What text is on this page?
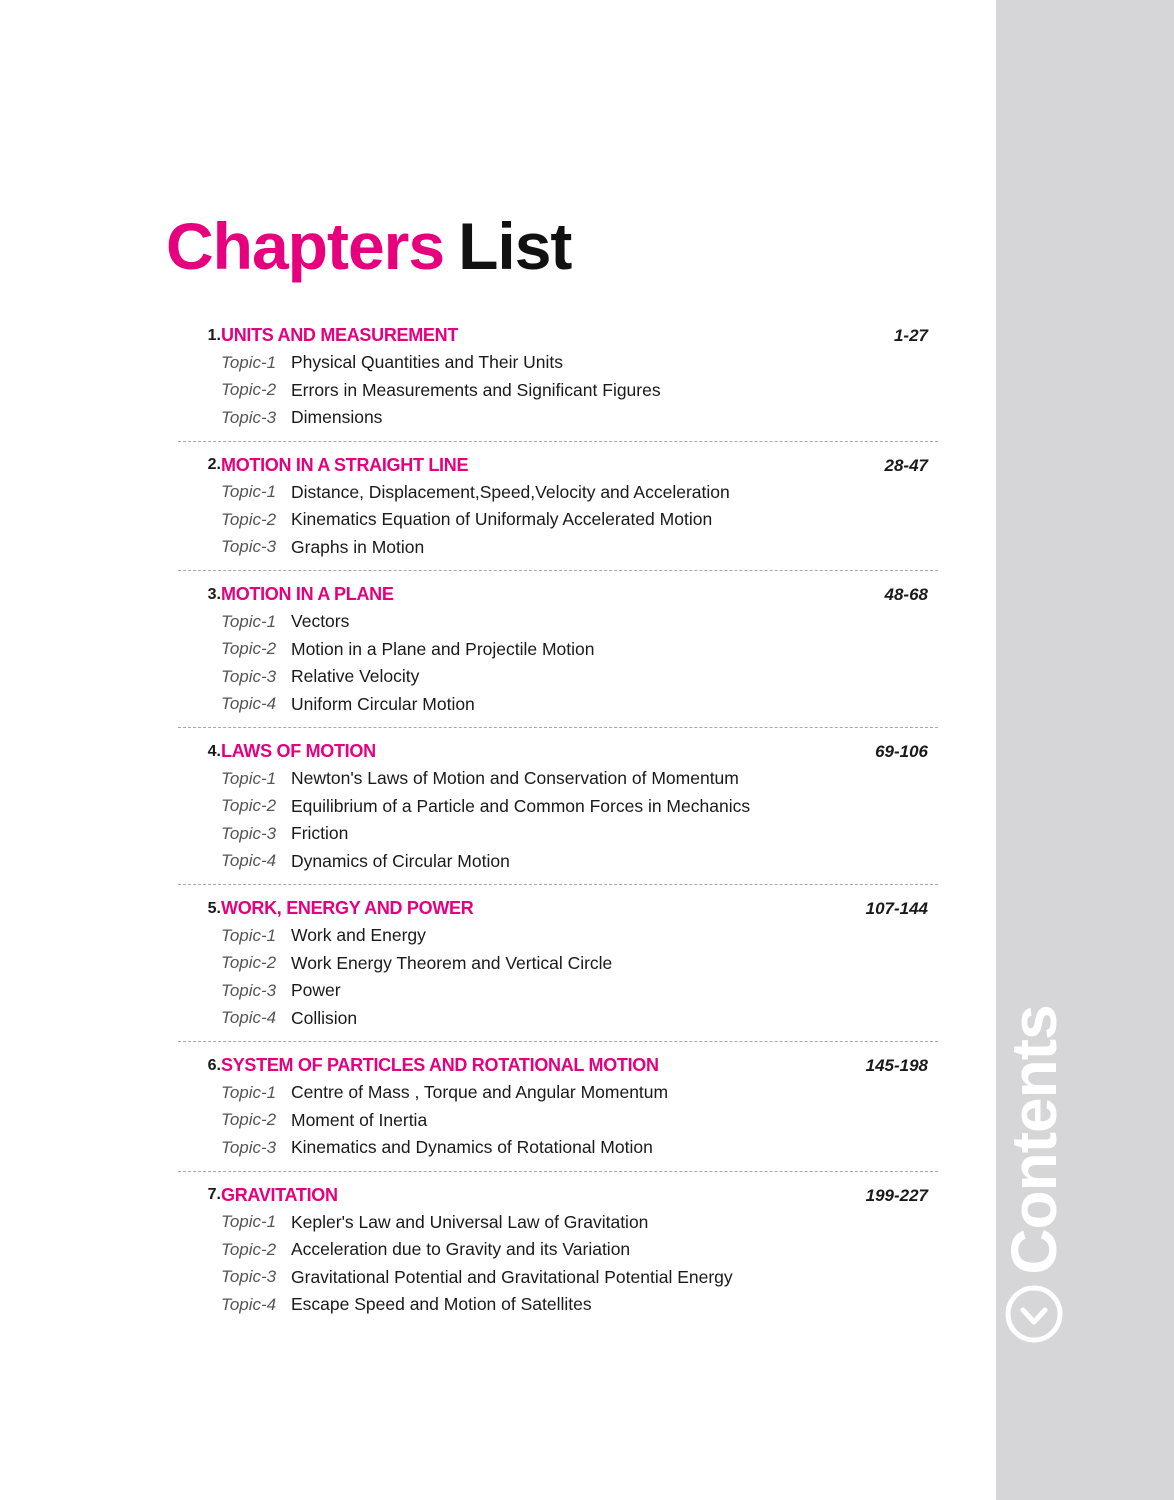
Contents
Chapters List
1. UNITS AND MEASUREMENT	1-27
Topic-1 Physical Quantities and Their Units
Topic-2 Errors in Measurements and Significant Figures
Topic-3 Dimensions
2. MOTION IN A STRAIGHT LINE	28-47
Topic-1 Distance, Displacement,Speed,Velocity and Acceleration
Topic-2 Kinematics Equation of Uniformaly Accelerated Motion
Topic-3 Graphs in Motion
3. MOTION IN A PLANE	48-68
Topic-1 Vectors
Topic-2 Motion in a Plane and Projectile Motion
Topic-3 Relative Velocity
Topic-4 Uniform Circular Motion
4. LAWS OF MOTION	69-106
Topic-1 Newton's Laws of Motion and Conservation of Momentum
Topic-2 Equilibrium of a Particle and Common Forces in Mechanics
Topic-3 Friction
Topic-4 Dynamics of Circular Motion
5. WORK, ENERGY AND POWER	107-144
Topic-1 Work and Energy
Topic-2 Work Energy Theorem and Vertical Circle
Topic-3 Power
Topic-4 Collision
6. SYSTEM OF PARTICLES AND ROTATIONAL MOTION	145-198
Topic-1 Centre of Mass , Torque and Angular Momentum
Topic-2 Moment of Inertia
Topic-3 Kinematics and Dynamics of Rotational Motion
7. GRAVITATION	199-227
Topic-1 Kepler's Law and Universal Law of Gravitation
Topic-2 Acceleration due to Gravity and its Variation
Topic-3 Gravitational Potential and Gravitational Potential Energy
Topic-4 Escape Speed and Motion of Satellites
